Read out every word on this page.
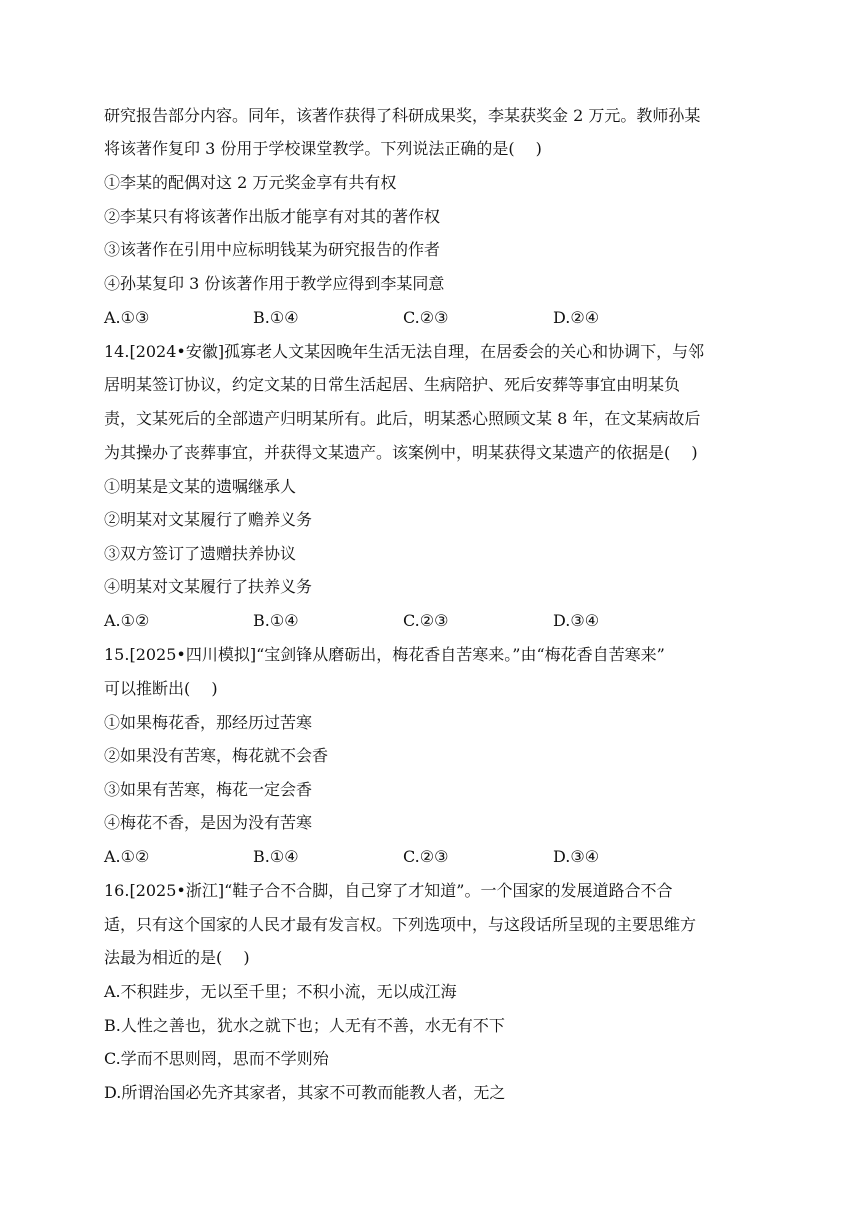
研究报告部分内容。同年，该著作获得了科研成果奖，李某获奖金 2 万元。教师孙某
将该著作复印 3 份用于学校课堂教学。下列说法正确的是(　 )
①李某的配偶对这 2 万元奖金享有共有权
②李某只有将该著作出版才能享有对其的著作权
③该著作在引用中应标明钱某为研究报告的作者
④孙某复印 3 份该著作用于教学应得到李某同意
A.①③	B.①④	C.②③	D.②④
14.[2024•安徽]孤寡老人文某因晚年生活无法自理，在居委会的关心和协调下，与邻
居明某签订协议，约定文某的日常生活起居、生病陪护、死后安葬等事宜由明某负
责，文某死后的全部遗产归明某所有。此后，明某悉心照顾文某 8 年，在文某病故后
为其操办了丧葬事宜，并获得文某遗产。该案例中，明某获得文某遗产的依据是(　 )
①明某是文某的遗嘱继承人
②明某对文某履行了赡养义务
③双方签订了遗赠扶养协议
④明某对文某履行了扶养义务
A.①②	B.①④	C.②③	D.③④
15.[2025•四川模拟]“宝剑锋从磨砺出，梅花香自苦寒来。”由“梅花香自苦寒来”
可以推断出(　 )
①如果梅花香，那经历过苦寒
②如果没有苦寒，梅花就不会香
③如果有苦寒，梅花一定会香
④梅花不香，是因为没有苦寒
A.①②	B.①④	C.②③	D.③④
16.[2025•浙江]“鞋子合不合脚，自己穿了才知道”。一个国家的发展道路合不合
适，只有这个国家的人民才最有发言权。下列选项中，与这段话所呈现的主要思维方
法最为相近的是(　 )
A.不积跬步，无以至千里；不积小流，无以成江海
B.人性之善也，犹水之就下也；人无有不善，水无有不下
C.学而不思则罔，思而不学则殆
D.所谓治国必先齐其家者，其家不可教而能教人者，无之
